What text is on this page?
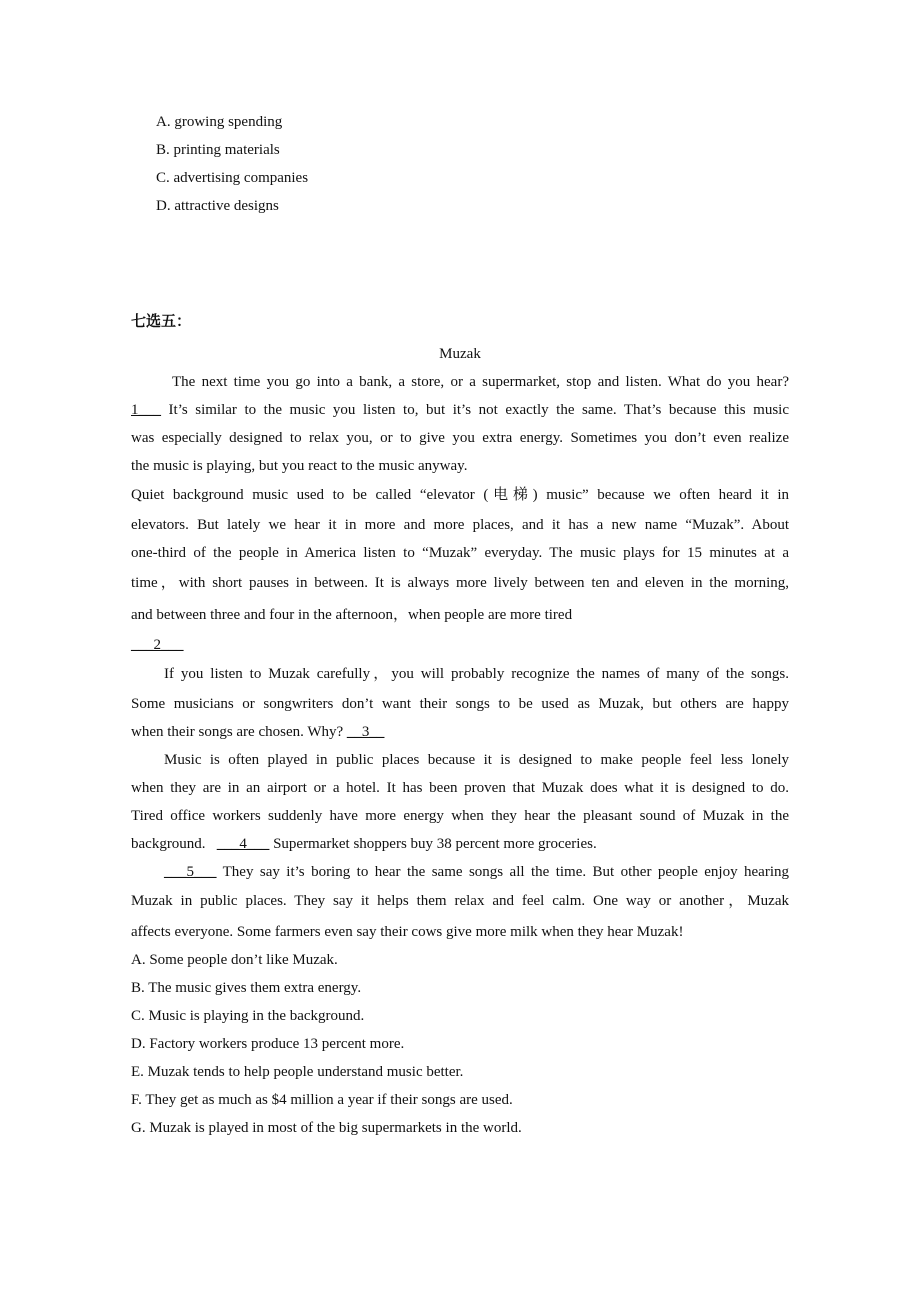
A. growing spending
B. printing materials
C. advertising companies
D. attractive designs
七选五：
Muzak
The next time you go into a bank, a store, or a supermarket, stop and listen. What do you hear?
1___ It’s similar to the music you listen to, but it’s not exactly the same. That’s because this music
was especially designed to relax you, or to give you extra energy. Sometimes you don’t even realize
the music is playing, but you react to the music anyway.
Quiet background music used to be called “elevator (电梯) music” because we often heard it in
elevators. But lately we hear it in more and more places, and it has a new name “Muzak”. About
one-third of the people in America listen to “Muzak” everyday. The music plays for 15 minutes at a
time，with short pauses in between. It is always more lively between ten and eleven in the morning,
and between three and four in the afternoon，when people are more tired
___2___
If you listen to Muzak carefully，you will probably recognize the names of many of the songs.
Some musicians or songwriters don’t want their songs to be used as Muzak, but others are happy
when their songs are chosen. Why? __3__
Music is often played in public places because it is designed to make people feel less lonely
when they are in an airport or a hotel. It has been proven that Muzak does what it is designed to do.
Tired office workers suddenly have more energy when they hear the pleasant sound of Muzak in the
background.   ___4___ Supermarket shoppers buy 38 percent more groceries.
___5___ They say it’s boring to hear the same songs all the time. But other people enjoy hearing
Muzak in public places. They say it helps them relax and feel calm. One way or another，Muzak
affects everyone. Some farmers even say their cows give more milk when they hear Muzak!
A. Some people don’t like Muzak.
B. The music gives them extra energy.
C. Music is playing in the background.
D. Factory workers produce 13 percent more.
E. Muzak tends to help people understand music better.
F. They get as much as $4 million a year if their songs are used.
G. Muzak is played in most of the big supermarkets in the world.
